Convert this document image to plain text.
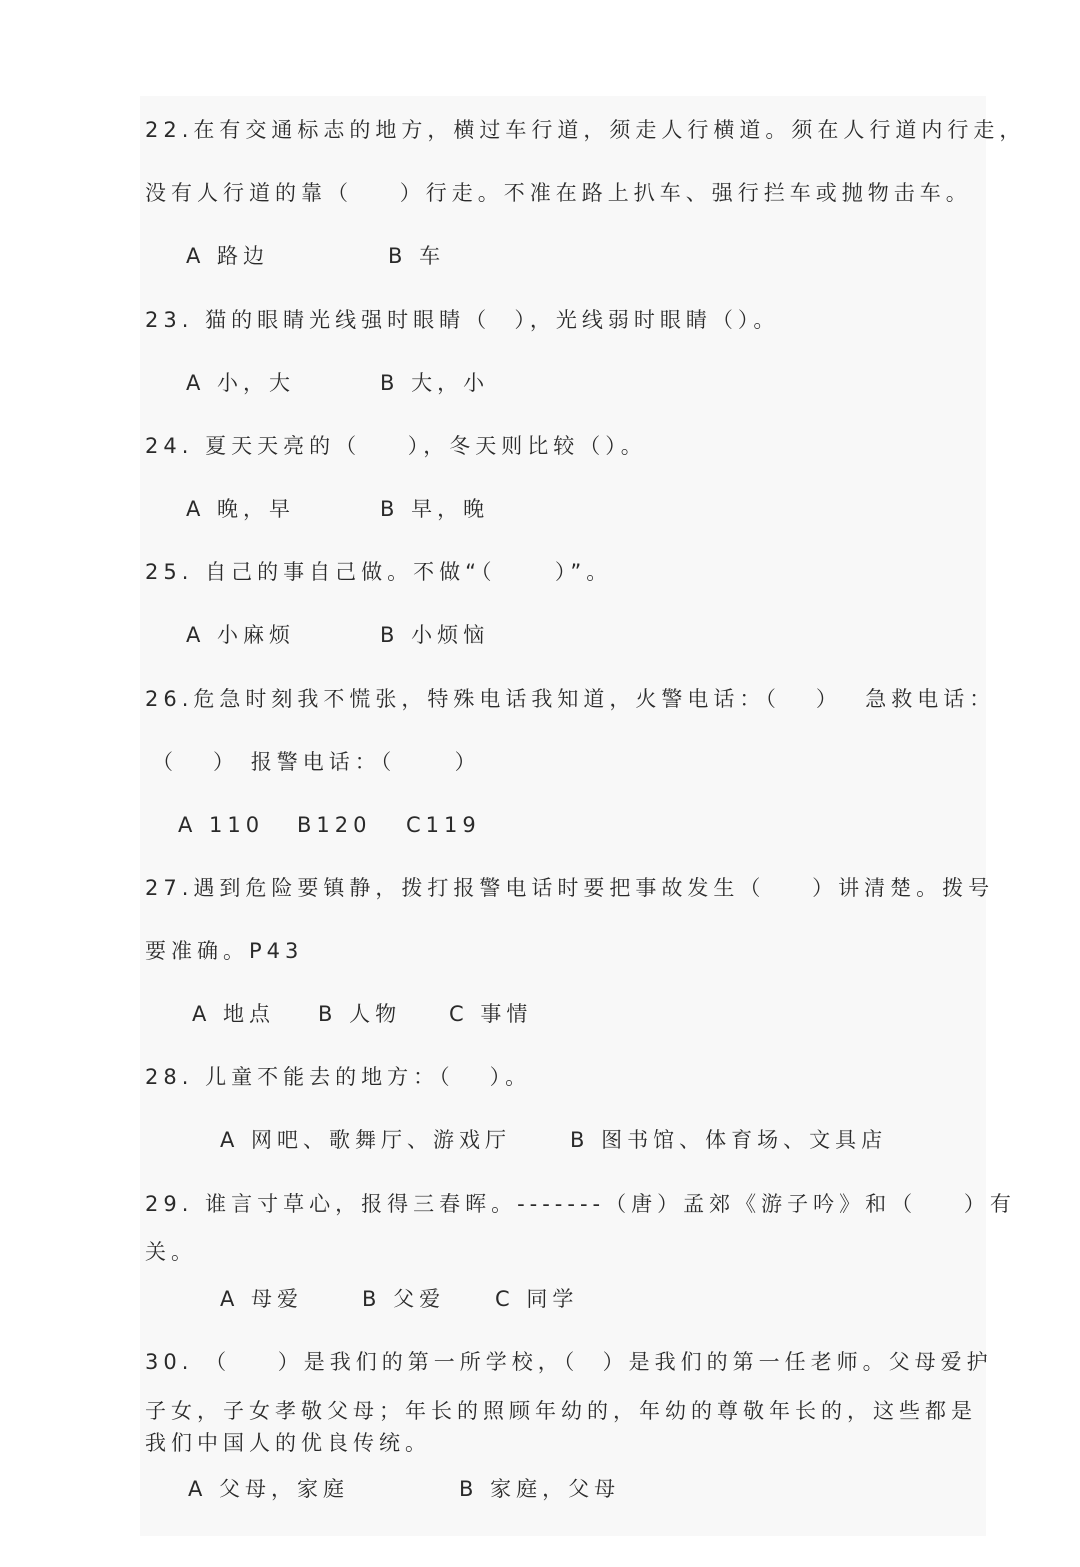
22.在有交通标志的地方，横过车行道，须走人行横道。须在人行道内行走，
没有人行道的靠（    ）行走。不准在路上扒车、强行拦车或抛物击车。
A 路边	B 车
23. 猫的眼睛光线强时眼睛（  ），光线弱时眼睛（）。
A 小，大	B 大，小
24. 夏天天亮的（    ），冬天则比较（）。
A 晚，早	B 早，晚
25. 自己的事自己做。不做“（     ）”。
A 小麻烦	B 小烦恼
26.危急时刻我不慌张，特殊电话我知道，火警电话：（   ）  急救电话：
（   ） 报警电话：（     ）
A 110 B120 C119
27.遇到危险要镇静，拨打报警电话时要把事故发生（    ）讲清楚。拨号
要准确。P43
A 地点 B 人物 C 事情
28. 儿童不能去的地方：（   ）。
A 网吧、歌舞厅、游戏厅	B 图书馆、体育场、文具店
29. 谁言寸草心，报得三春晖。-------（唐）孟郊《游子吟》和（    ）有
关。
A 母爱	B 父爱 C 同学
30. （    ）是我们的第一所学校，（  ）是我们的第一任老师。父母爱护
子女，子女孝敬父母；年长的照顾年幼的，年幼的尊敬年长的，这些都是
我们中国人的优良传统。
A 父母，家庭	B 家庭，父母
